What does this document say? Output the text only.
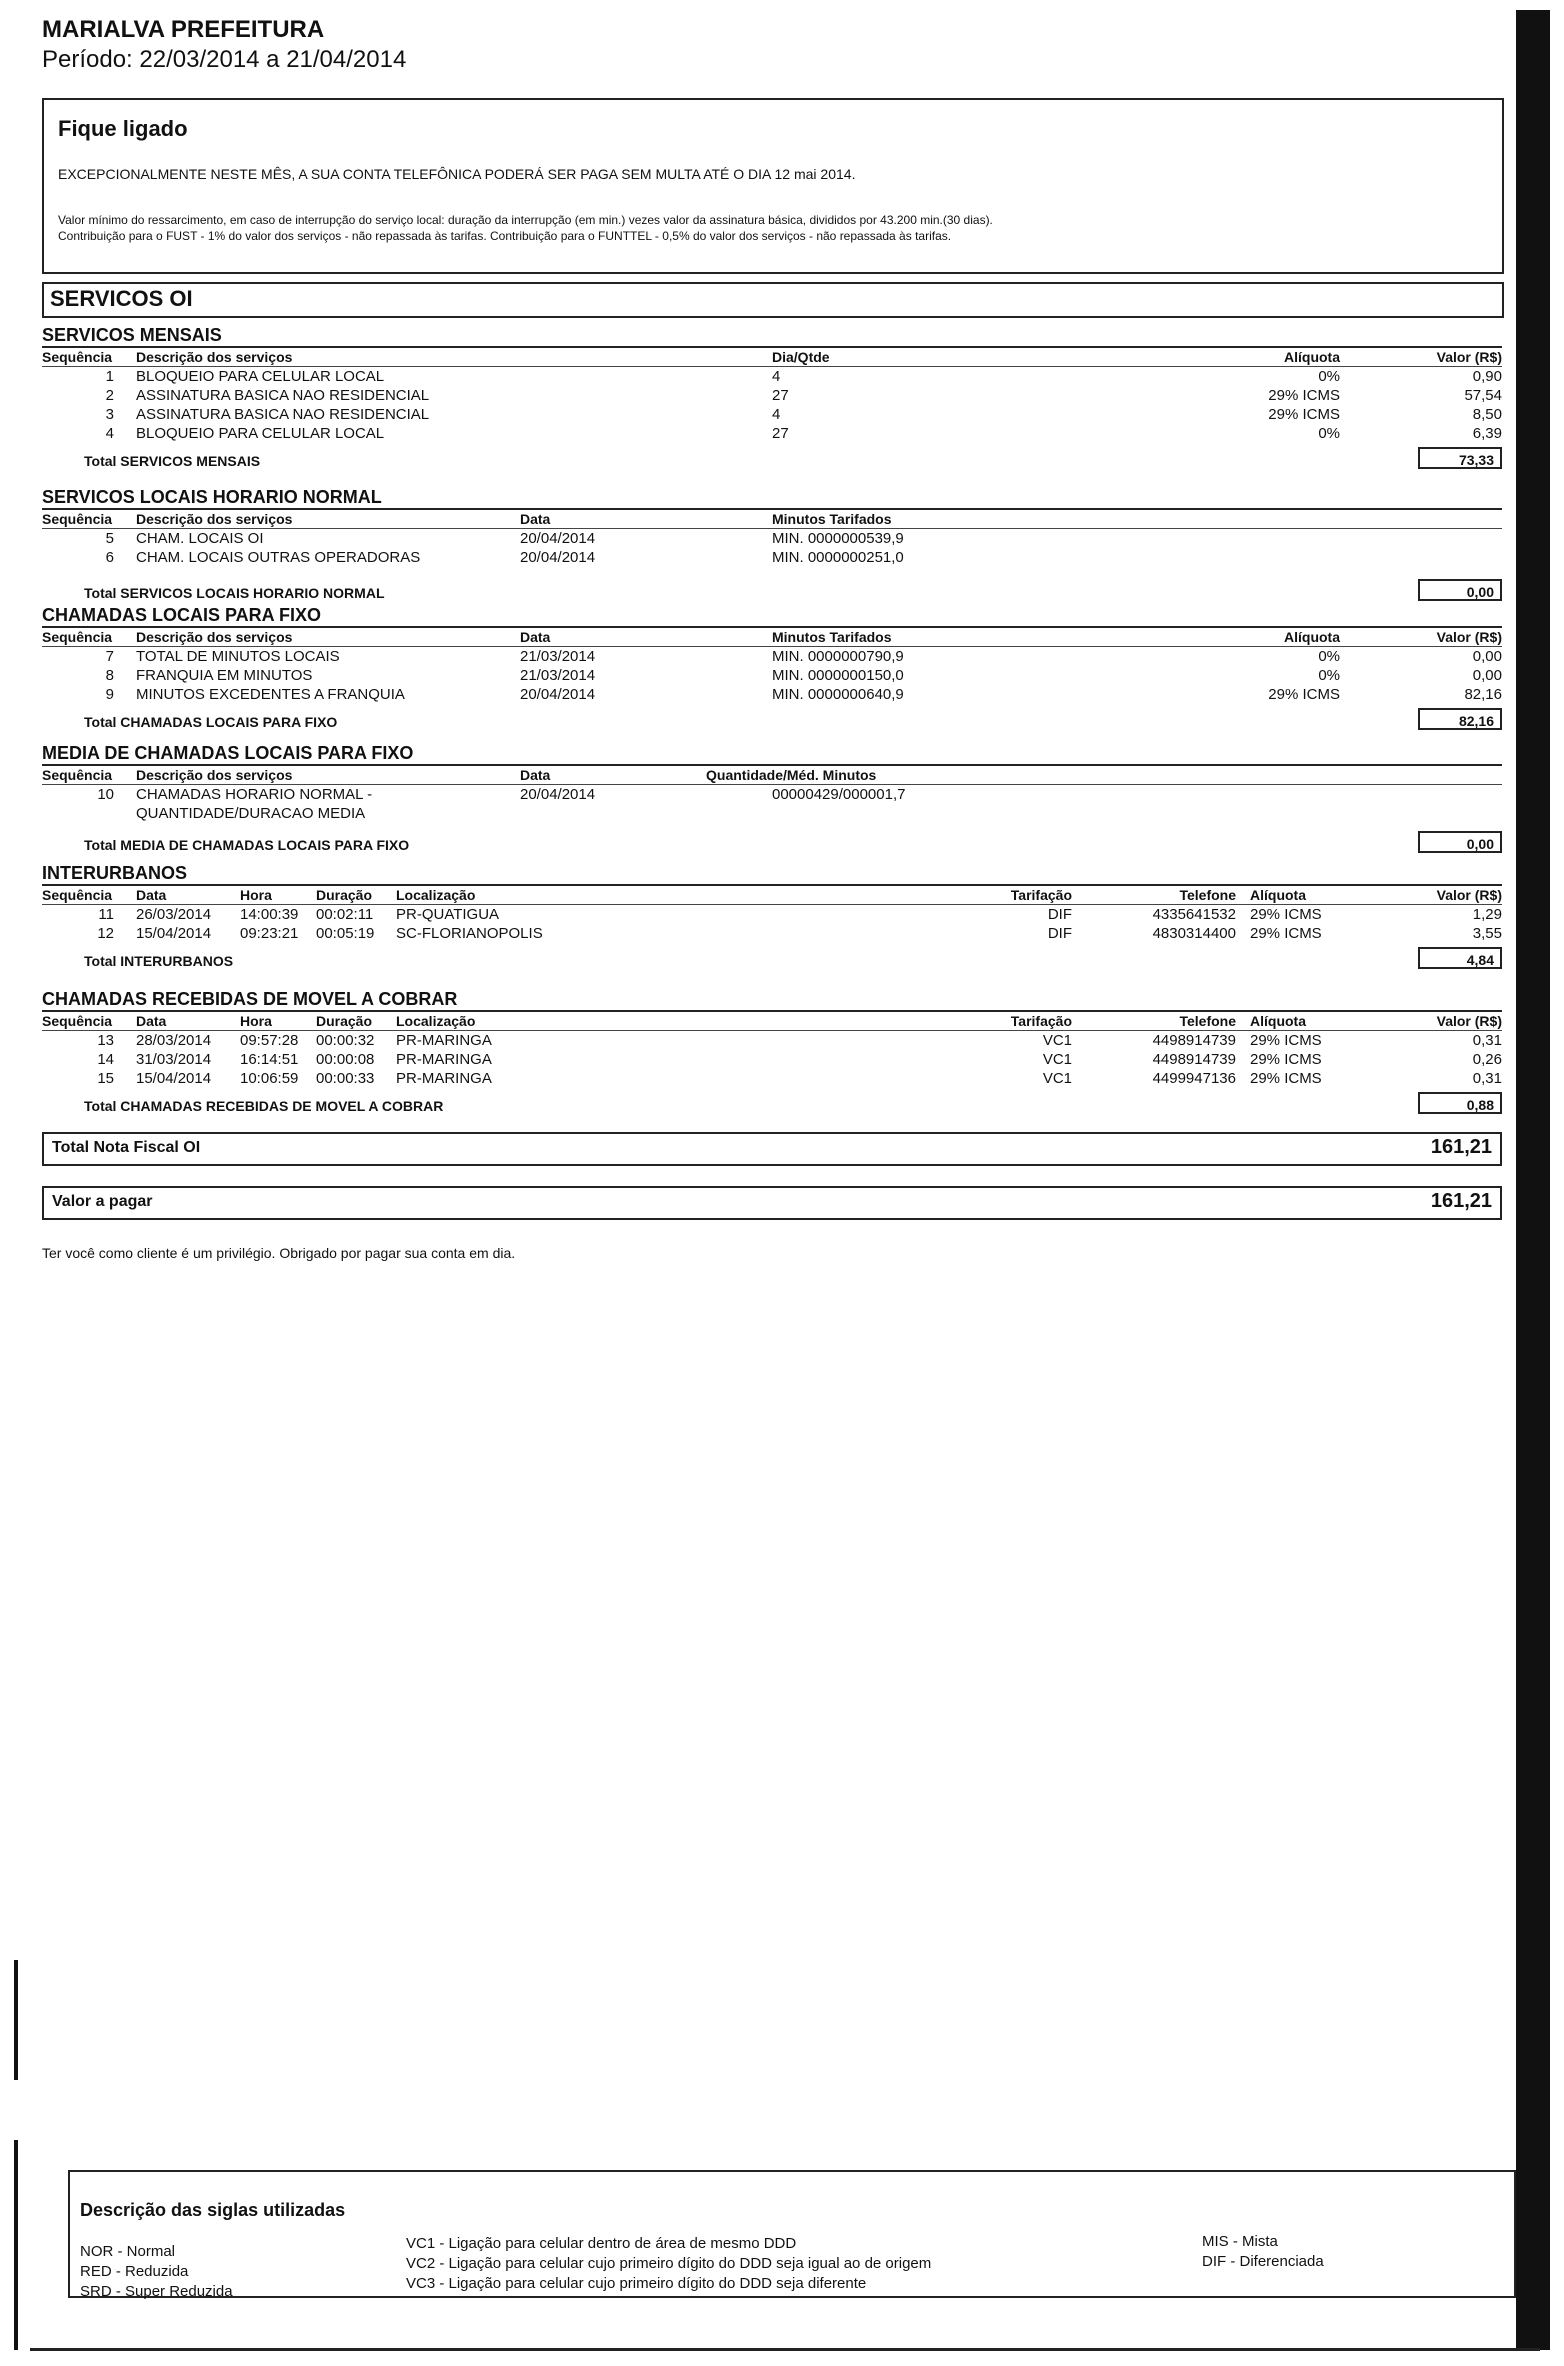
MARIALVA PREFEITURA
Período: 22/03/2014 a 21/04/2014
Fique ligado
EXCEPCIONALMENTE NESTE MÊS, A SUA CONTA TELEFÔNICA PODERÁ SER PAGA SEM MULTA ATÉ O DIA 12 mai 2014.
Valor mínimo do ressarcimento, em caso de interrupção do serviço local: duração da interrupção (em min.) vezes valor da assinatura básica, divididos por 43.200 min.(30 dias).
Contribuição para o FUST - 1% do valor dos serviços - não repassada às tarifas. Contribuição para o FUNTTEL - 0,5% do valor dos serviços - não repassada às tarifas.
SERVICOS OI
SERVICOS MENSAIS
Sequência Descrição dos serviços	Dia/Qtde	Alíquota	Valor (R$)
1 BLOQUEIO PARA CELULAR LOCAL	4	0%	0,90
2 ASSINATURA BASICA NAO RESIDENCIAL	27	29% ICMS	57,54
3 ASSINATURA BASICA NAO RESIDENCIAL	4	29% ICMS	8,50
4 BLOQUEIO PARA CELULAR LOCAL	27	0%	6,39
Total SERVICOS MENSAIS	73,33
SERVICOS LOCAIS HORARIO NORMAL
Sequência Descrição dos serviços	Data	Minutos Tarifados
5 CHAM. LOCAIS OI	20/04/2014	MIN. 0000000539,9
6 CHAM. LOCAIS OUTRAS OPERADORAS	20/04/2014	MIN. 0000000251,0
Total SERVICOS LOCAIS HORARIO NORMAL	0,00
CHAMADAS LOCAIS PARA FIXO
Sequência Descrição dos serviços	Data	Minutos Tarifados	Alíquota	Valor (R$)
7 TOTAL DE MINUTOS LOCAIS	21/03/2014	MIN. 0000000790,9	0%	0,00
8 FRANQUIA EM MINUTOS	21/03/2014	MIN. 0000000150,0	0%	0,00
9 MINUTOS EXCEDENTES A FRANQUIA	20/04/2014	MIN. 0000000640,9	29% ICMS	82,16
Total CHAMADAS LOCAIS PARA FIXO	82,16
MEDIA DE CHAMADAS LOCAIS PARA FIXO
Sequência Descrição dos serviços	Data	Quantidade/Méd. Minutos
10 CHAMADAS HORARIO NORMAL -	20/04/2014	00000429/000001,7
QUANTIDADE/DURACAO MEDIA
Total MEDIA DE CHAMADAS LOCAIS PARA FIXO	0,00
INTERURBANOS
Sequência Data	Hora	Duração Localização	Tarifação	Telefone Alíquota	Valor (R$)
11 26/03/2014 14:00:39 00:02:11 PR-QUATIGUA	DIF	4335641532 29% ICMS	1,29
12 15/04/2014 09:23:21 00:05:19 SC-FLORIANOPOLIS	DIF	4830314400 29% ICMS	3,55
Total INTERURBANOS	4,84
CHAMADAS RECEBIDAS DE MOVEL A COBRAR
Sequência Data	Hora	Duração Localização	Tarifação	Telefone Alíquota	Valor (R$)
13 28/03/2014 09:57:28 00:00:32 PR-MARINGA	VC1	4498914739 29% ICMS	0,31
14 31/03/2014 16:14:51 00:00:08 PR-MARINGA	VC1	4498914739 29% ICMS	0,26
15 15/04/2014 10:06:59 00:00:33 PR-MARINGA	VC1	4499947136 29% ICMS	0,31
Total CHAMADAS RECEBIDAS DE MOVEL A COBRAR	0,88
Total Nota Fiscal OI	161,21
Valor a pagar	161,21
Ter você como cliente é um privilégio. Obrigado por pagar sua conta em dia.
Descrição das siglas utilizadas
NOR - Normal
RED - Reduzida
SRD - Super Reduzida
VC1 - Ligação para celular dentro de área de mesmo DDD
VC2 - Ligação para celular cujo primeiro dígito do DDD seja igual ao de origem
VC3 - Ligação para celular cujo primeiro dígito do DDD seja diferente
MIS - Mista
DIF - Diferenciada
